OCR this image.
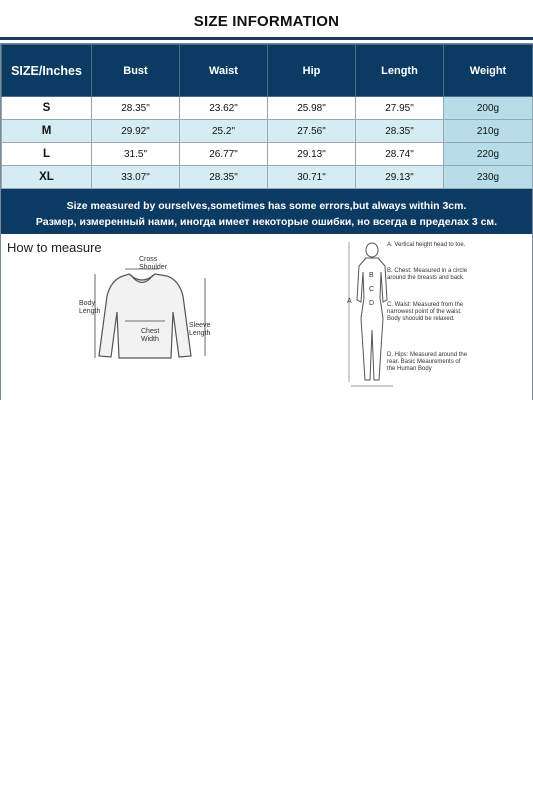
SIZE INFORMATION
SIZE/Inches	Bust	Waist	Hip	Length	Weight
S	28.35"	23.62"	25.98"	27.95"	200g
M	29.92"	25.2"	27.56"	28.35"	210g
L	31.5"	26.77"	29.13"	28.74"	220g
XL	33.07"	28.35"	30.71"	29.13"	230g
Size measured by ourselves,sometimes has some errors,but always within 3cm.
Размер, измеренный нами, иногда имеет некоторые ошибки, но всегда в пределах 3 см.
How to measure
Cross
Shoulder
Body
Length
Chest
Width
Sleeve
Length
A
B
C
D
A. Vertical height head to toe.
B. Chest: Measured in a circle around the breasts and back.
C. Waist: Measured from the narrowest point of the waist. Body shoould be relaxed.
D. Hips: Measured around the rear. Basic Meaurements of the Human Body
